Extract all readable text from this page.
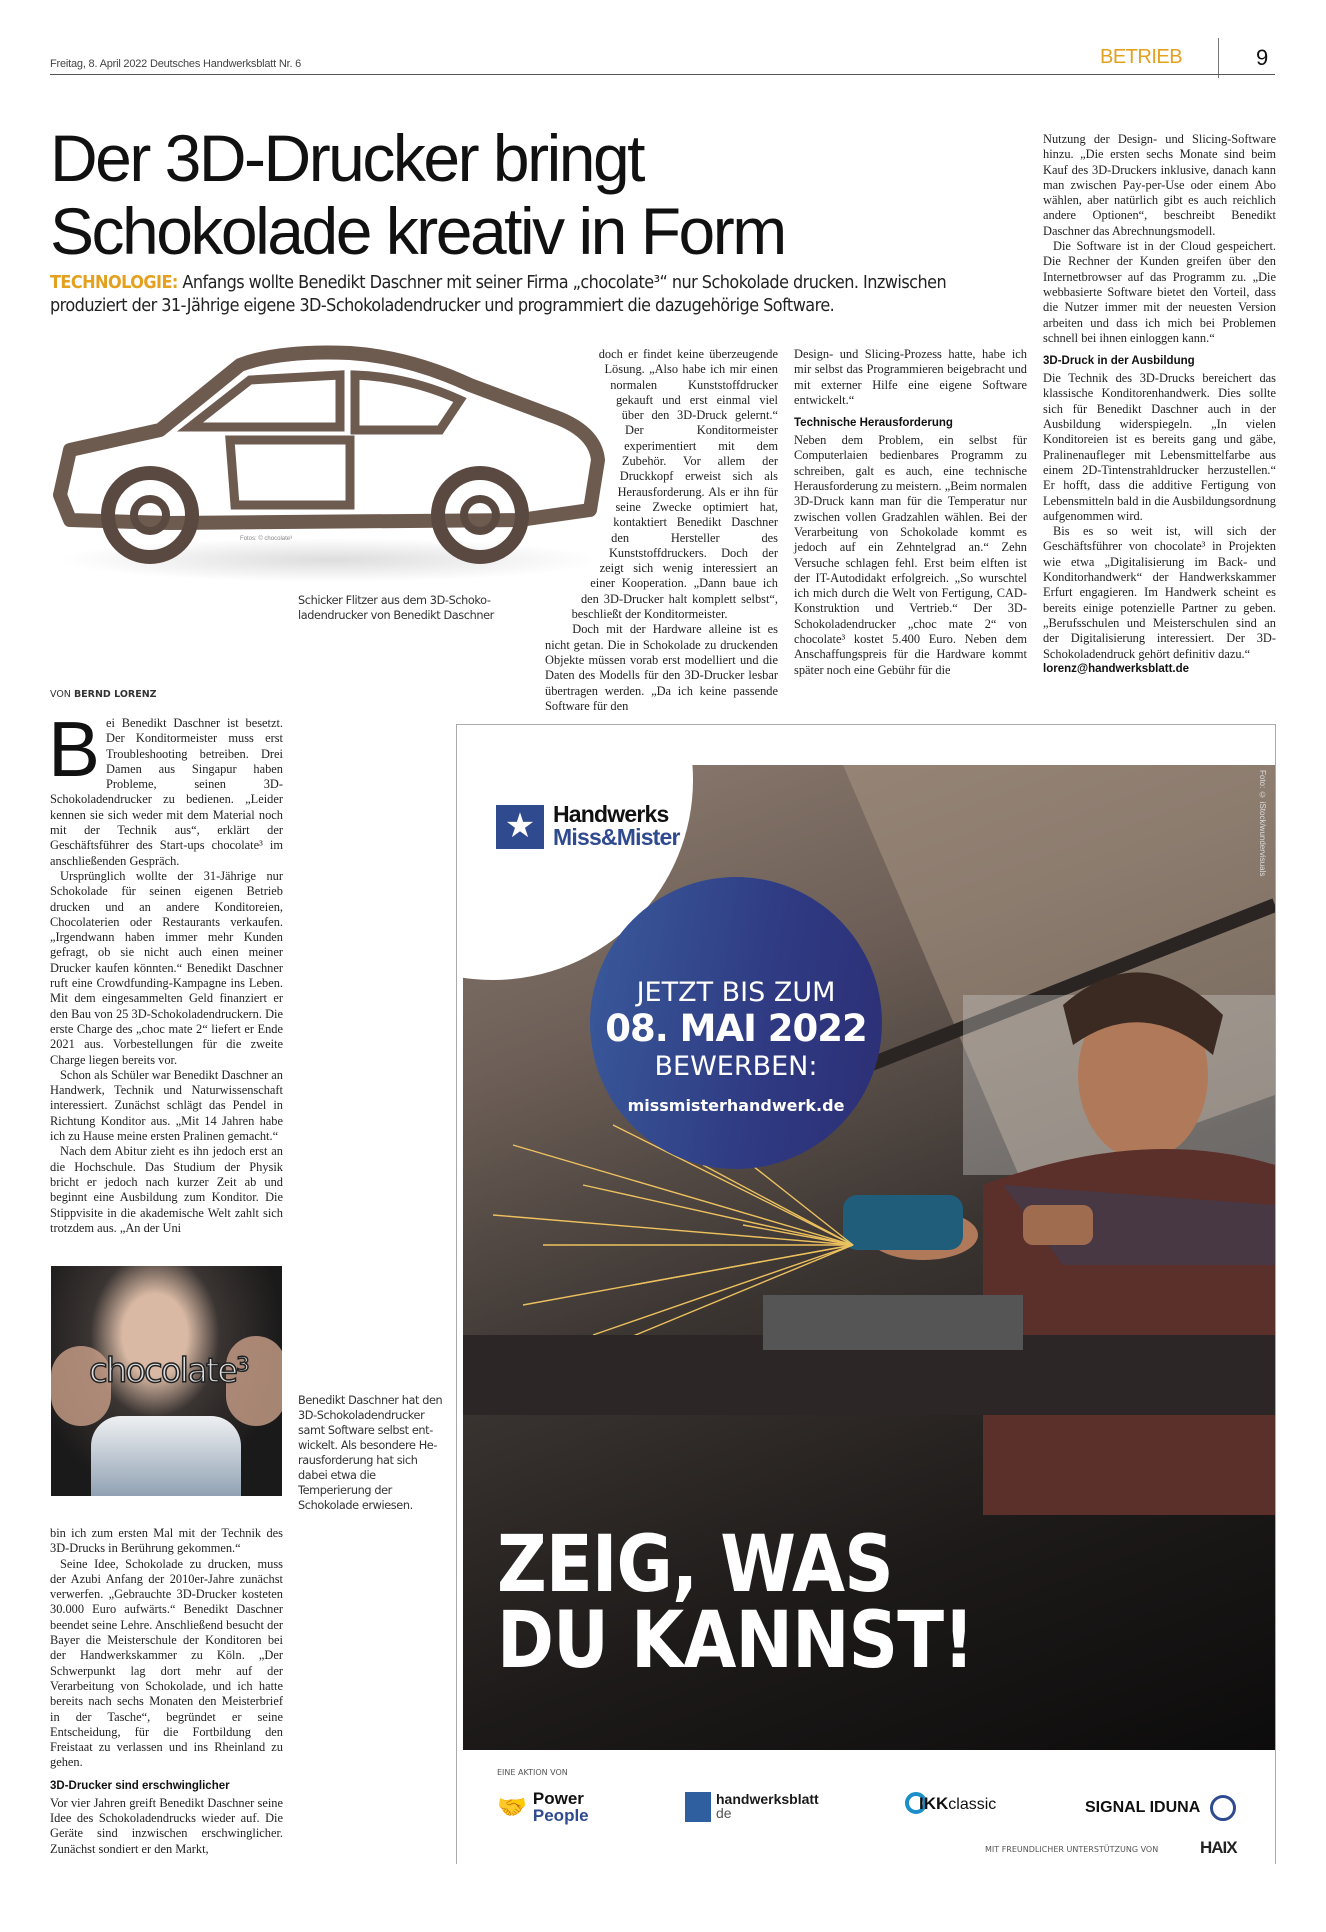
Freitag, 8. April 2022 Deutsches Handwerksblatt Nr. 6	BETRIEB	9
Der 3D-Drucker bringt
Schokolade kreativ in Form
TECHNOLOGIE: Anfangs wollte Benedikt Daschner mit seiner Firma „chocolate³“ nur Schokolade drucken. Inzwischen produziert der 31-Jährige eigene 3D-Schokoladendrucker und programmiert die dazugehörige Software.
Fotos: © chocolate³
Schicker Flitzer aus dem 3D-Schoko-ladendrucker von Benedikt Daschner
VON BERND LORENZ

Bei Benedikt Daschner ist besetzt. Der Konditormeister muss erst Troubleshooting betreiben. Drei Damen aus Singapur haben Probleme, seinen 3D-Schokoladendrucker zu bedienen. „Leider kennen sie sich weder mit dem Material noch mit der Technik aus“, erklärt der Geschäftsführer des Start-ups chocolate³ im anschließenden Gespräch.

Ursprünglich wollte der 31-Jährige nur Schokolade für seinen eigenen Betrieb drucken und an andere Konditoreien, Chocolaterien oder Restaurants verkaufen. „Irgendwann haben immer mehr Kunden gefragt, ob sie nicht auch einen meiner Drucker kaufen könnten.“ Benedikt Daschner ruft eine Crowdfunding-Kampagne ins Leben. Mit dem eingesammelten Geld finanziert er den Bau von 25 3D-Schokoladendruckern. Die erste Charge des „choc mate 2“ liefert er Ende 2021 aus. Vorbestellungen für die zweite Charge liegen bereits vor.

Schon als Schüler war Benedikt Daschner an Handwerk, Technik und Naturwissenschaft interessiert. Zunächst schlägt das Pendel in Richtung Konditor aus. „Mit 14 Jahren habe ich zu Hause meine ersten Pralinen gemacht.“

Nach dem Abitur zieht es ihn jedoch erst an die Hochschule. Das Studium der Physik bricht er jedoch nach kurzer Zeit ab und beginnt eine Ausbildung zum Konditor. Die Stippvisite in die akademische Welt zahlt sich trotzdem aus. „An der Uni

chocolate³
Benedikt Daschner hat den 3D-Schokoladendrucker samt Software selbst ent-wickelt. Als besondere He-rausforderung hat sich dabei etwa die Temperierung der Schokolade erwiesen.

bin ich zum ersten Mal mit der Technik des 3D-Drucks in Berührung gekommen.“

Seine Idee, Schokolade zu drucken, muss der Azubi Anfang der 2010er-Jahre zunächst verwerfen. „Gebrauchte 3D-Drucker kosteten 30.000 Euro aufwärts.“ Benedikt Daschner beendet seine Lehre. Anschließend besucht der Bayer die Meisterschule der Konditoren bei der Handwerkskammer zu Köln. „Der Schwerpunkt lag dort mehr auf der Verarbeitung von Schokolade, und ich hatte bereits nach sechs Monaten den Meisterbrief in der Tasche“, begründet er seine Entscheidung, für die Fortbildung den Freistaat zu verlassen und ins Rheinland zu gehen.

3D-Drucker sind erschwinglicher

Vor vier Jahren greift Benedikt Daschner seine Idee des Schokoladendrucks wieder auf. Die Geräte sind inzwischen erschwinglicher. Zunächst sondiert er den Markt,

doch er findet keine überzeugende Lösung. „Also habe ich mir einen normalen Kunststoffdrucker gekauft und erst einmal viel über den 3D-Druck gelernt.“ Der Konditormeister experimentiert mit dem Zubehör. Vor allem der Druckkopf erweist sich als Herausforderung. Als er ihn für seine Zwecke optimiert hat, kontaktiert Benedikt Daschner den Hersteller des Kunststoffdruckers. Doch der zeigt sich wenig interessiert an einer Kooperation. „Dann baue ich den 3D-Drucker halt komplett selbst“, beschließt der Konditormeister.

Doch mit der Hardware alleine ist es nicht getan. Die in Schokolade zu druckenden Objekte müssen vorab erst modelliert und die Daten des Modells für den 3D-Drucker lesbar übertragen werden. „Da ich keine passende Software für den

Design- und Slicing-Prozess hatte, habe ich mir selbst das Programmieren beigebracht und mit externer Hilfe eine eigene Software entwickelt.“

Technische Herausforderung

Neben dem Problem, ein selbst für Computerlaien bedienbares Programm zu schreiben, galt es auch, eine technische Herausforderung zu meistern. „Beim normalen 3D-Druck kann man für die Temperatur nur zwischen vollen Gradzahlen wählen. Bei der Verarbeitung von Schokolade kommt es jedoch auf ein Zehntelgrad an.“ Zehn Versuche schlagen fehl. Erst beim elften ist der IT-Autodidakt erfolgreich. „So wurschtel ich mich durch die Welt von Fertigung, CAD-Konstruktion und Vertrieb.“ Der 3D-Schokoladendrucker „choc mate 2“ von chocolate³ kostet 5.400 Euro. Neben dem Anschaffungspreis für die Hardware kommt später noch eine Gebühr für die

Nutzung der Design- und Slicing-Software hinzu. „Die ersten sechs Monate sind beim Kauf des 3D-Druckers inklusive, danach kann man zwischen Pay-per-Use oder einem Abo wählen, aber natürlich gibt es auch reichlich andere Optionen“, beschreibt Benedikt Daschner das Abrechnungsmodell.

Die Software ist in der Cloud gespeichert. Die Rechner der Kunden greifen über den Internetbrowser auf das Programm zu. „Die webbasierte Software bietet den Vorteil, dass die Nutzer immer mit der neuesten Version arbeiten und dass ich mich bei Problemen schnell bei ihnen einloggen kann.“

3D-Druck in der Ausbildung

Die Technik des 3D-Drucks bereichert das klassische Konditorenhandwerk. Dies sollte sich für Benedikt Daschner auch in der Ausbildung widerspiegeln. „In vielen Konditoreien ist es bereits gang und gäbe, Pralinenaufleger mit Lebensmittelfarbe aus einem 2D-Tintenstrahldrucker herzustellen.“ Er hofft, dass die additive Fertigung von Lebensmitteln bald in die Ausbildungsordnung aufgenommen wird.

Bis es so weit ist, will sich der Geschäftsführer von chocolate³ in Projekten wie etwa „Digitalisierung im Back- und Konditorhandwerk“ der Handwerkskammer Erfurt engagieren. Im Handwerk scheint es bereits einige potenzielle Partner zu geben. „Berufsschulen und Meisterschulen sind an der Digitalisierung interessiert. Der 3D-Schokoladendruck gehört definitiv dazu.“

lorenz@handwerksblatt.de
★ Handwerks
Miss&Mister
JETZT BIS ZUM
08. MAI 2022
BEWERBEN:
missmisterhandwerk.de
Foto: © iStock/wundervisuals
ZEIG, WAS
DU KANNST!
EINE AKTION VON
🤝 Power
People
handwerksblatt
de	IKK classic	SIGNAL IDUNA
MIT FREUNDLICHER UNTERSTÜTZUNG VON HAIX
